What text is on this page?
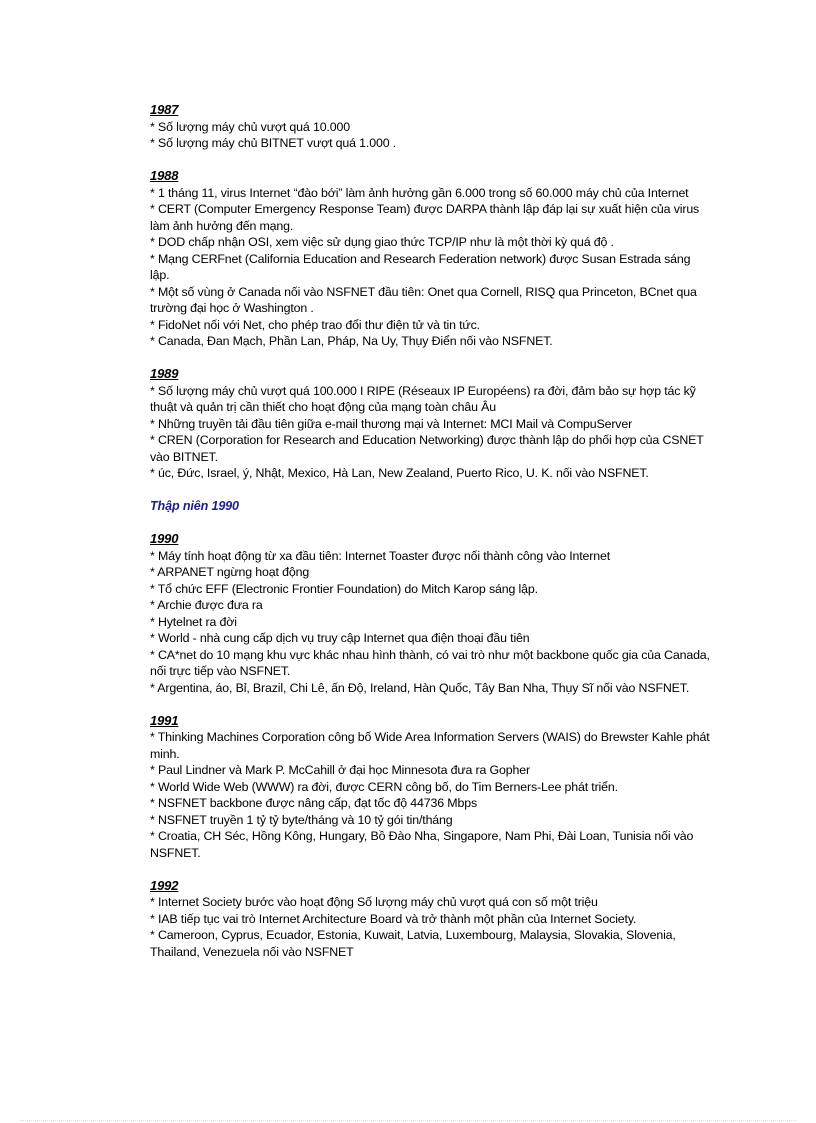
1987
* Số lượng máy chủ vượt quá 10.000
* Số lượng máy chủ BITNET vượt quá 1.000 .
1988
* 1 tháng 11, virus Internet “đào bới” làm ảnh hưởng gần 6.000 trong số 60.000 máy chủ của Internet
* CERT (Computer Emergency Response Team) được DARPA thành lập đáp lại sự xuất hiện của virus làm ảnh hưởng đến mạng.
* DOD chấp nhận OSI, xem việc sử dụng giao thức TCP/IP như là một thời kỳ quá độ .
* Mạng CERFnet (California Education and Research Federation network) được Susan Estrada sáng lập.
* Một số vùng ở Canada nối vào NSFNET đầu tiên: Onet qua Cornell, RISQ qua Princeton, BCnet qua trường đại học ở Washington .
* FidoNet nối với Net, cho phép trao đổi thư điện tử và tin tức.
* Canada, Đan Mạch, Phần Lan, Pháp, Na Uy, Thụy Điển nối vào NSFNET.
1989
* Số lượng máy chủ vượt quá 100.000 I RIPE (Réseaux IP Européens) ra đời, đảm bảo sự hợp tác kỹ thuật và quản trị cần thiết cho hoạt động của mạng toàn châu Âu
* Những truyền tải đầu tiên giữa e-mail thương mại và Internet: MCI Mail và CompuServer
* CREN (Corporation for Research and Education Networking) được thành lập do phối hợp của CSNET vào BITNET.
* úc, Đức, Israel, ý, Nhật, Mexico, Hà Lan, New Zealand, Puerto Rico, U. K. nối vào NSFNET.
Thập niên 1990
1990
* Máy tính hoạt động từ xa đầu tiên: Internet Toaster được nối thành công vào Internet
* ARPANET ngừng hoạt động
* Tổ chức EFF (Electronic Frontier Foundation) do Mitch Karop sáng lập.
* Archie được đưa ra
* Hytelnet ra đời
* World - nhà cung cấp dịch vụ truy cập Internet qua điện thoại đầu tiên
* CA*net do 10 mạng khu vực khác nhau hình thành, có vai trò như một backbone quốc gia của Canada, nối trực tiếp vào NSFNET.
* Argentina, áo, Bỉ, Brazil, Chi Lê, ấn Độ, Ireland, Hàn Quốc, Tây Ban Nha, Thụy Sĩ nối vào NSFNET.
1991
* Thinking Machines Corporation công bố Wide Area Information Servers (WAIS) do Brewster Kahle phát minh.
* Paul Lindner và Mark P. McCahill ở đại học Minnesota đưa ra Gopher
* World Wide Web (WWW) ra đời, được CERN công bố, do Tim Berners-Lee phát triển.
* NSFNET backbone được nâng cấp, đạt tốc độ 44736 Mbps
* NSFNET truyền 1 tỷ tỷ byte/tháng và 10 tỷ gói tin/tháng
* Croatia, CH Séc, Hồng Kông, Hungary, Bồ Đào Nha, Singapore, Nam Phi, Đài Loan, Tunisia nối vào NSFNET.
1992
* Internet Society bước vào hoạt động Số lượng máy chủ vượt quá con số một triệu
* IAB tiếp tục vai trò Internet Architecture Board và trở thành một phần của Internet Society.
* Cameroon, Cyprus, Ecuador, Estonia, Kuwait, Latvia, Luxembourg, Malaysia, Slovakia, Slovenia, Thailand, Venezuela nối vào NSFNET
